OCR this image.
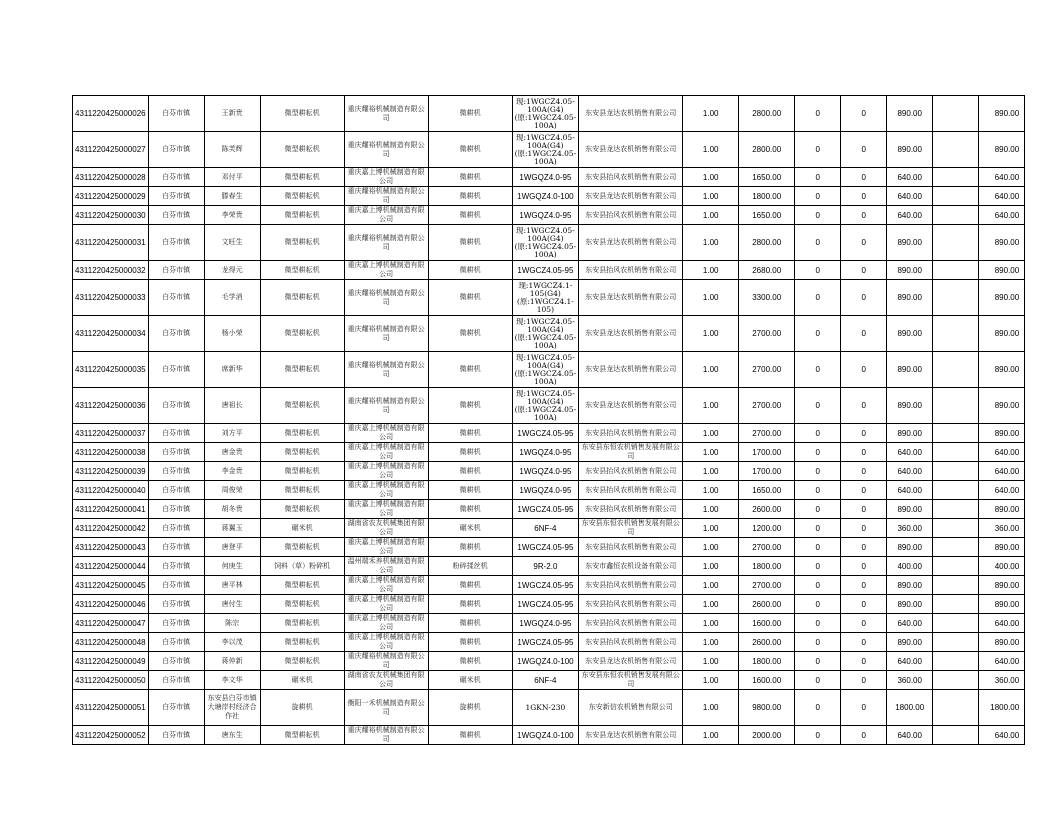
4311220425000026	白芬市镇	王新贵	微型耕耘机	重庆耀裕机械制造有限公司	微耕机	现:1WGCZ4.05-100A(G4)(原:1WGCZ4.05-100A)	东安县龙达农机销售有限公司	1.00	2800.00	0	0	890.00		890.00
4311220425000027	白芬市镇	陈芙辉	微型耕耘机	重庆耀裕机械制造有限公司	微耕机	现:1WGCZ4.05-100A(G4)(原:1WGCZ4.05-100A)	东安县龙达农机销售有限公司	1.00	2800.00	0	0	890.00		890.00
4311220425000028	白芬市镇	邓付平	微型耕耘机	重庆嘉上博机械制造有限公司	微耕机	1WGQZ4.0-95	东安县抬风农机销售有限公司	1.00	1650.00	0	0	640.00		640.00
4311220425000029	白芬市镇	滕春生	微型耕耘机	重庆耀裕机械制造有限公司	微耕机	1WGQZ4.0-100	东安县龙达农机销售有限公司	1.00	1800.00	0	0	640.00		640.00
4311220425000030	白芬市镇	李荣贵	微型耕耘机	重庆嘉上博机械制造有限公司	微耕机	1WGQZ4.0-95	东安县抬风农机销售有限公司	1.00	1650.00	0	0	640.00		640.00
4311220425000031	白芬市镇	文旺生	微型耕耘机	重庆耀裕机械制造有限公司	微耕机	现:1WGCZ4.05-100A(G4)(原:1WGCZ4.05-100A)	东安县龙达农机销售有限公司	1.00	2800.00	0	0	890.00		890.00
4311220425000032	白芬市镇	龙得元	微型耕耘机	重庆嘉上博机械制造有限公司	微耕机	1WGCZ4.05-95	东安县抬风农机销售有限公司	1.00	2680.00	0	0	890.00		890.00
4311220425000033	白芬市镇	毛学消	微型耕耘机	重庆耀裕机械制造有限公司	微耕机	现:1WGCZ4.1-105(G4)(原:1WGCZ4.1-105)	东安县龙达农机销售有限公司	1.00	3300.00	0	0	890.00		890.00
4311220425000034	白芬市镇	杨小荣	微型耕耘机	重庆耀裕机械制造有限公司	微耕机	现:1WGCZ4.05-100A(G4)(原:1WGCZ4.05-100A)	东安县龙达农机销售有限公司	1.00	2700.00	0	0	890.00		890.00
4311220425000035	白芬市镇	席新华	微型耕耘机	重庆耀裕机械制造有限公司	微耕机	现:1WGCZ4.05-100A(G4)(原:1WGCZ4.05-100A)	东安县龙达农机销售有限公司	1.00	2700.00	0	0	890.00		890.00
4311220425000036	白芬市镇	唐祖长	微型耕耘机	重庆耀裕机械制造有限公司	微耕机	现:1WGCZ4.05-100A(G4)(原:1WGCZ4.05-100A)	东安县龙达农机销售有限公司	1.00	2700.00	0	0	890.00		890.00
4311220425000037	白芬市镇	刘方平	微型耕耘机	重庆嘉上博机械制造有限公司	微耕机	1WGCZ4.05-95	东安县抬风农机销售有限公司	1.00	2700.00	0	0	890.00		890.00
4311220425000038	白芬市镇	唐金贵	微型耕耘机	重庆嘉上博机械制造有限公司	微耕机	1WGQZ4.0-95	东安县东恒农机销售发展有限公司	1.00	1700.00	0	0	640.00		640.00
4311220425000039	白芬市镇	李金贵	微型耕耘机	重庆嘉上博机械制造有限公司	微耕机	1WGQZ4.0-95	东安县抬风农机销售有限公司	1.00	1700.00	0	0	640.00		640.00
4311220425000040	白芬市镇	周俊荣	微型耕耘机	重庆嘉上博机械制造有限公司	微耕机	1WGQZ4.0-95	东安县抬风农机销售有限公司	1.00	1650.00	0	0	640.00		640.00
4311220425000041	白芬市镇	胡冬贵	微型耕耘机	重庆嘉上博机械制造有限公司	微耕机	1WGCZ4.05-95	东安县抬风农机销售有限公司	1.00	2600.00	0	0	890.00		890.00
4311220425000042	白芬市镇	蒋翼玉	碾米机	湖南省农友机械集团有限公司	碾米机	6NF-4	东安县东恒农机销售发展有限公司	1.00	1200.00	0	0	360.00		360.00
4311220425000043	白芬市镇	唐登平	微型耕耘机	重庆嘉上博机械制造有限公司	微耕机	1WGCZ4.05-95	东安县抬风农机销售有限公司	1.00	2700.00	0	0	890.00		890.00
4311220425000044	白芬市镇	何庚生	饲料（草）粉碎机	温州瑞禾养机械制造有限公司	粉碎揉丝机	9R-2.0	东安市鑫恒农机设备有限公司	1.00	1800.00	0	0	400.00		400.00
4311220425000045	白芬市镇	唐平林	微型耕耘机	重庆嘉上博机械制造有限公司	微耕机	1WGCZ4.05-95	东安县抬风农机销售有限公司	1.00	2700.00	0	0	890.00		890.00
4311220425000046	白芬市镇	唐付生	微型耕耘机	重庆嘉上博机械制造有限公司	微耕机	1WGCZ4.05-95	东安县抬风农机销售有限公司	1.00	2600.00	0	0	890.00		890.00
4311220425000047	白芬市镇	陈宗	微型耕耘机	重庆嘉上博机械制造有限公司	微耕机	1WGQZ4.0-95	东安县抬风农机销售有限公司	1.00	1600.00	0	0	640.00		640.00
4311220425000048	白芬市镇	李以茂	微型耕耘机	重庆嘉上博机械制造有限公司	微耕机	1WGCZ4.05-95	东安县抬风农机销售有限公司	1.00	2600.00	0	0	890.00		890.00
4311220425000049	白芬市镇	蒋仲新	微型耕耘机	重庆耀裕机械制造有限公司	微耕机	1WGQZ4.0-100	东安县龙达农机销售有限公司	1.00	1800.00	0	0	640.00		640.00
4311220425000050	白芬市镇	李文华	碾米机	湖南省农友机械集团有限公司	碾米机	6NF-4	东安县东恒农机销售发展有限公司	1.00	1600.00	0	0	360.00		360.00
4311220425000051	白芬市镇	东安县白芬市镇大塘岸村经济合作社	旋耕机	衡阳一禾机械制造有限公司	旋耕机	1GKN-230	东安新信农机销售有限公司	1.00	9800.00	0	0	1800.00		1800.00
4311220425000052	白芬市镇	唐东生	微型耕耘机	重庆耀裕机械制造有限公司	微耕机	1WGQZ4.0-100	东安县龙达农机销售有限公司	1.00	2000.00	0	0	640.00		640.00
